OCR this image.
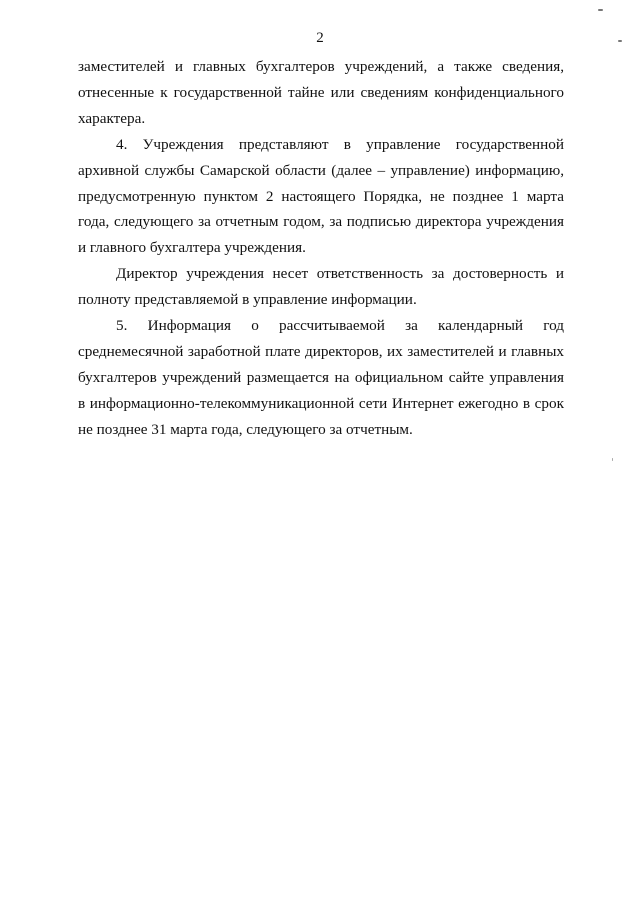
2

заместителей и главных бухгалтеров учреждений, а также сведения, отнесенные к государственной тайне или сведениям конфиденциального характера.

4. Учреждения представляют в управление государственной архивной службы Самарской области (далее – управление) информацию, предусмотренную пунктом 2 настоящего Порядка, не позднее 1 марта года, следующего за отчетным годом, за подписью директора учреждения и главного бухгалтера учреждения.

Директор учреждения несет ответственность за достоверность и полноту представляемой в управление информации.

5. Информация о рассчитываемой за календарный год среднемесячной заработной плате директоров, их заместителей и главных бухгалтеров учреждений размещается на официальном сайте управления в информационно-телекоммуникационной сети Интернет ежегодно в срок не позднее 31 марта года, следующего за отчетным.
